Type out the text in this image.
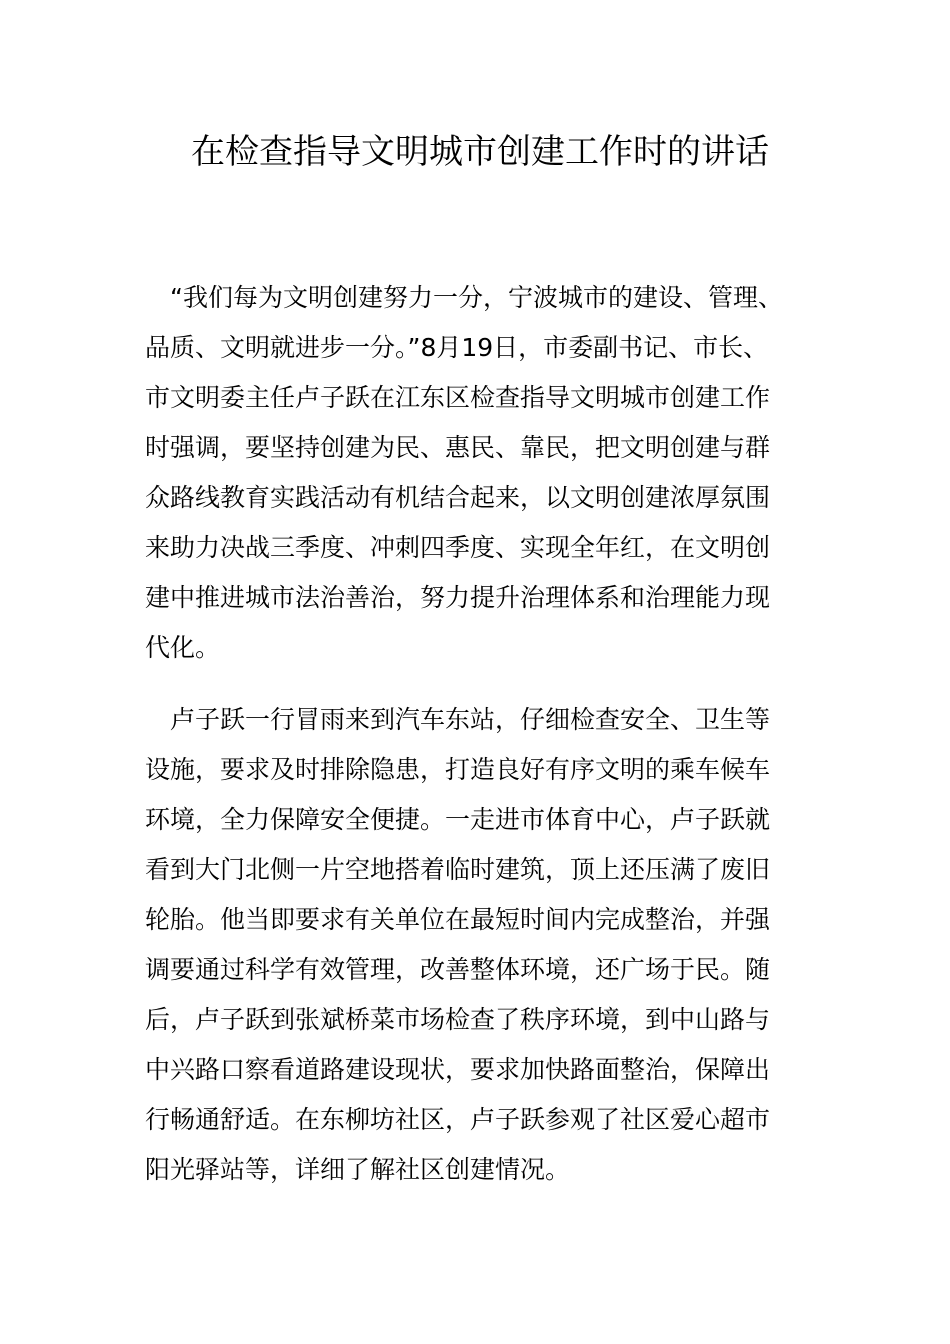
在检查指导文明城市创建工作时的讲话

　“我们每为文明创建努力一分，宁波城市的建设、管理、
品质、文明就进步一分。”8月19日，市委副书记、市长、
市文明委主任卢子跃在江东区检查指导文明城市创建工作
时强调，要坚持创建为民、惠民、靠民，把文明创建与群
众路线教育实践活动有机结合起来，以文明创建浓厚氛围
来助力决战三季度、冲刺四季度、实现全年红，在文明创
建中推进城市法治善治，努力提升治理体系和治理能力现
代化。

　卢子跃一行冒雨来到汽车东站，仔细检查安全、卫生等
设施，要求及时排除隐患，打造良好有序文明的乘车候车
环境，全力保障安全便捷。一走进市体育中心，卢子跃就
看到大门北侧一片空地搭着临时建筑，顶上还压满了废旧
轮胎。他当即要求有关单位在最短时间内完成整治，并强
调要通过科学有效管理，改善整体环境，还广场于民。随
后，卢子跃到张斌桥菜市场检查了秩序环境，到中山路与
中兴路口察看道路建设现状，要求加快路面整治，保障出
行畅通舒适。在东柳坊社区，卢子跃参观了社区爱心超市
阳光驿站等，详细了解社区创建情况。
